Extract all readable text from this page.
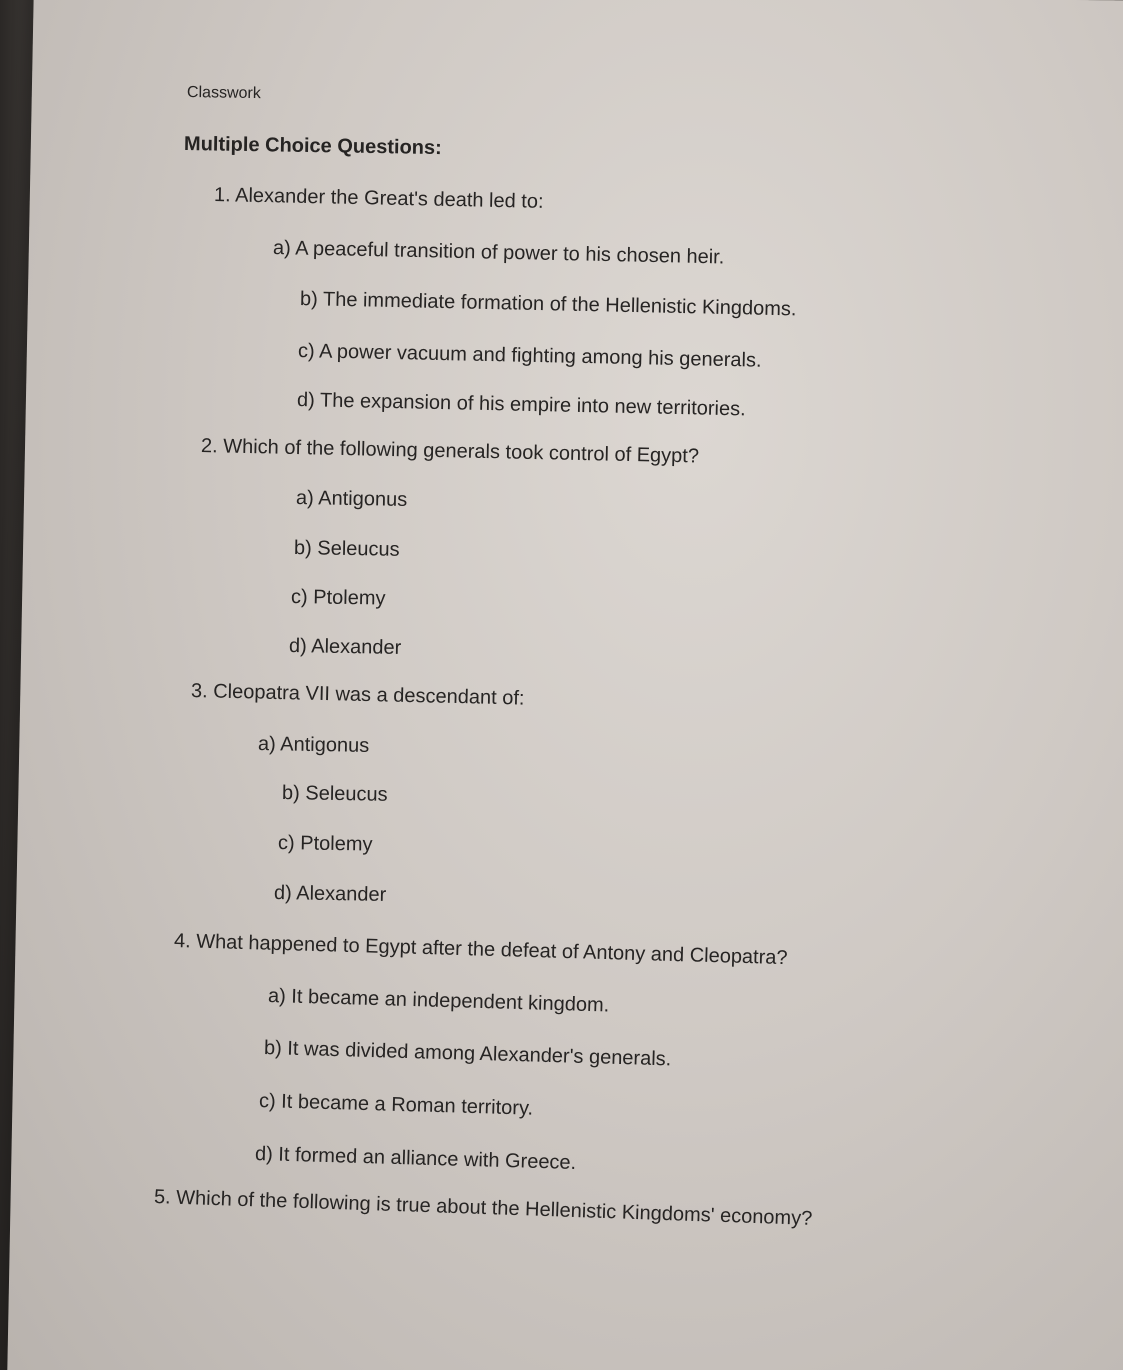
Classwork
Multiple Choice Questions:
1. Alexander the Great's death led to:
a) A peaceful transition of power to his chosen heir.
b) The immediate formation of the Hellenistic Kingdoms.
c) A power vacuum and fighting among his generals.
d) The expansion of his empire into new territories.
2. Which of the following generals took control of Egypt?
a) Antigonus
b) Seleucus
c) Ptolemy
d) Alexander
3. Cleopatra VII was a descendant of:
a) Antigonus
b) Seleucus
c) Ptolemy
d) Alexander
4. What happened to Egypt after the defeat of Antony and Cleopatra?
a) It became an independent kingdom.
b) It was divided among Alexander's generals.
c) It became a Roman territory.
d) It formed an alliance with Greece.
5. Which of the following is true about the Hellenistic Kingdoms' economy?
